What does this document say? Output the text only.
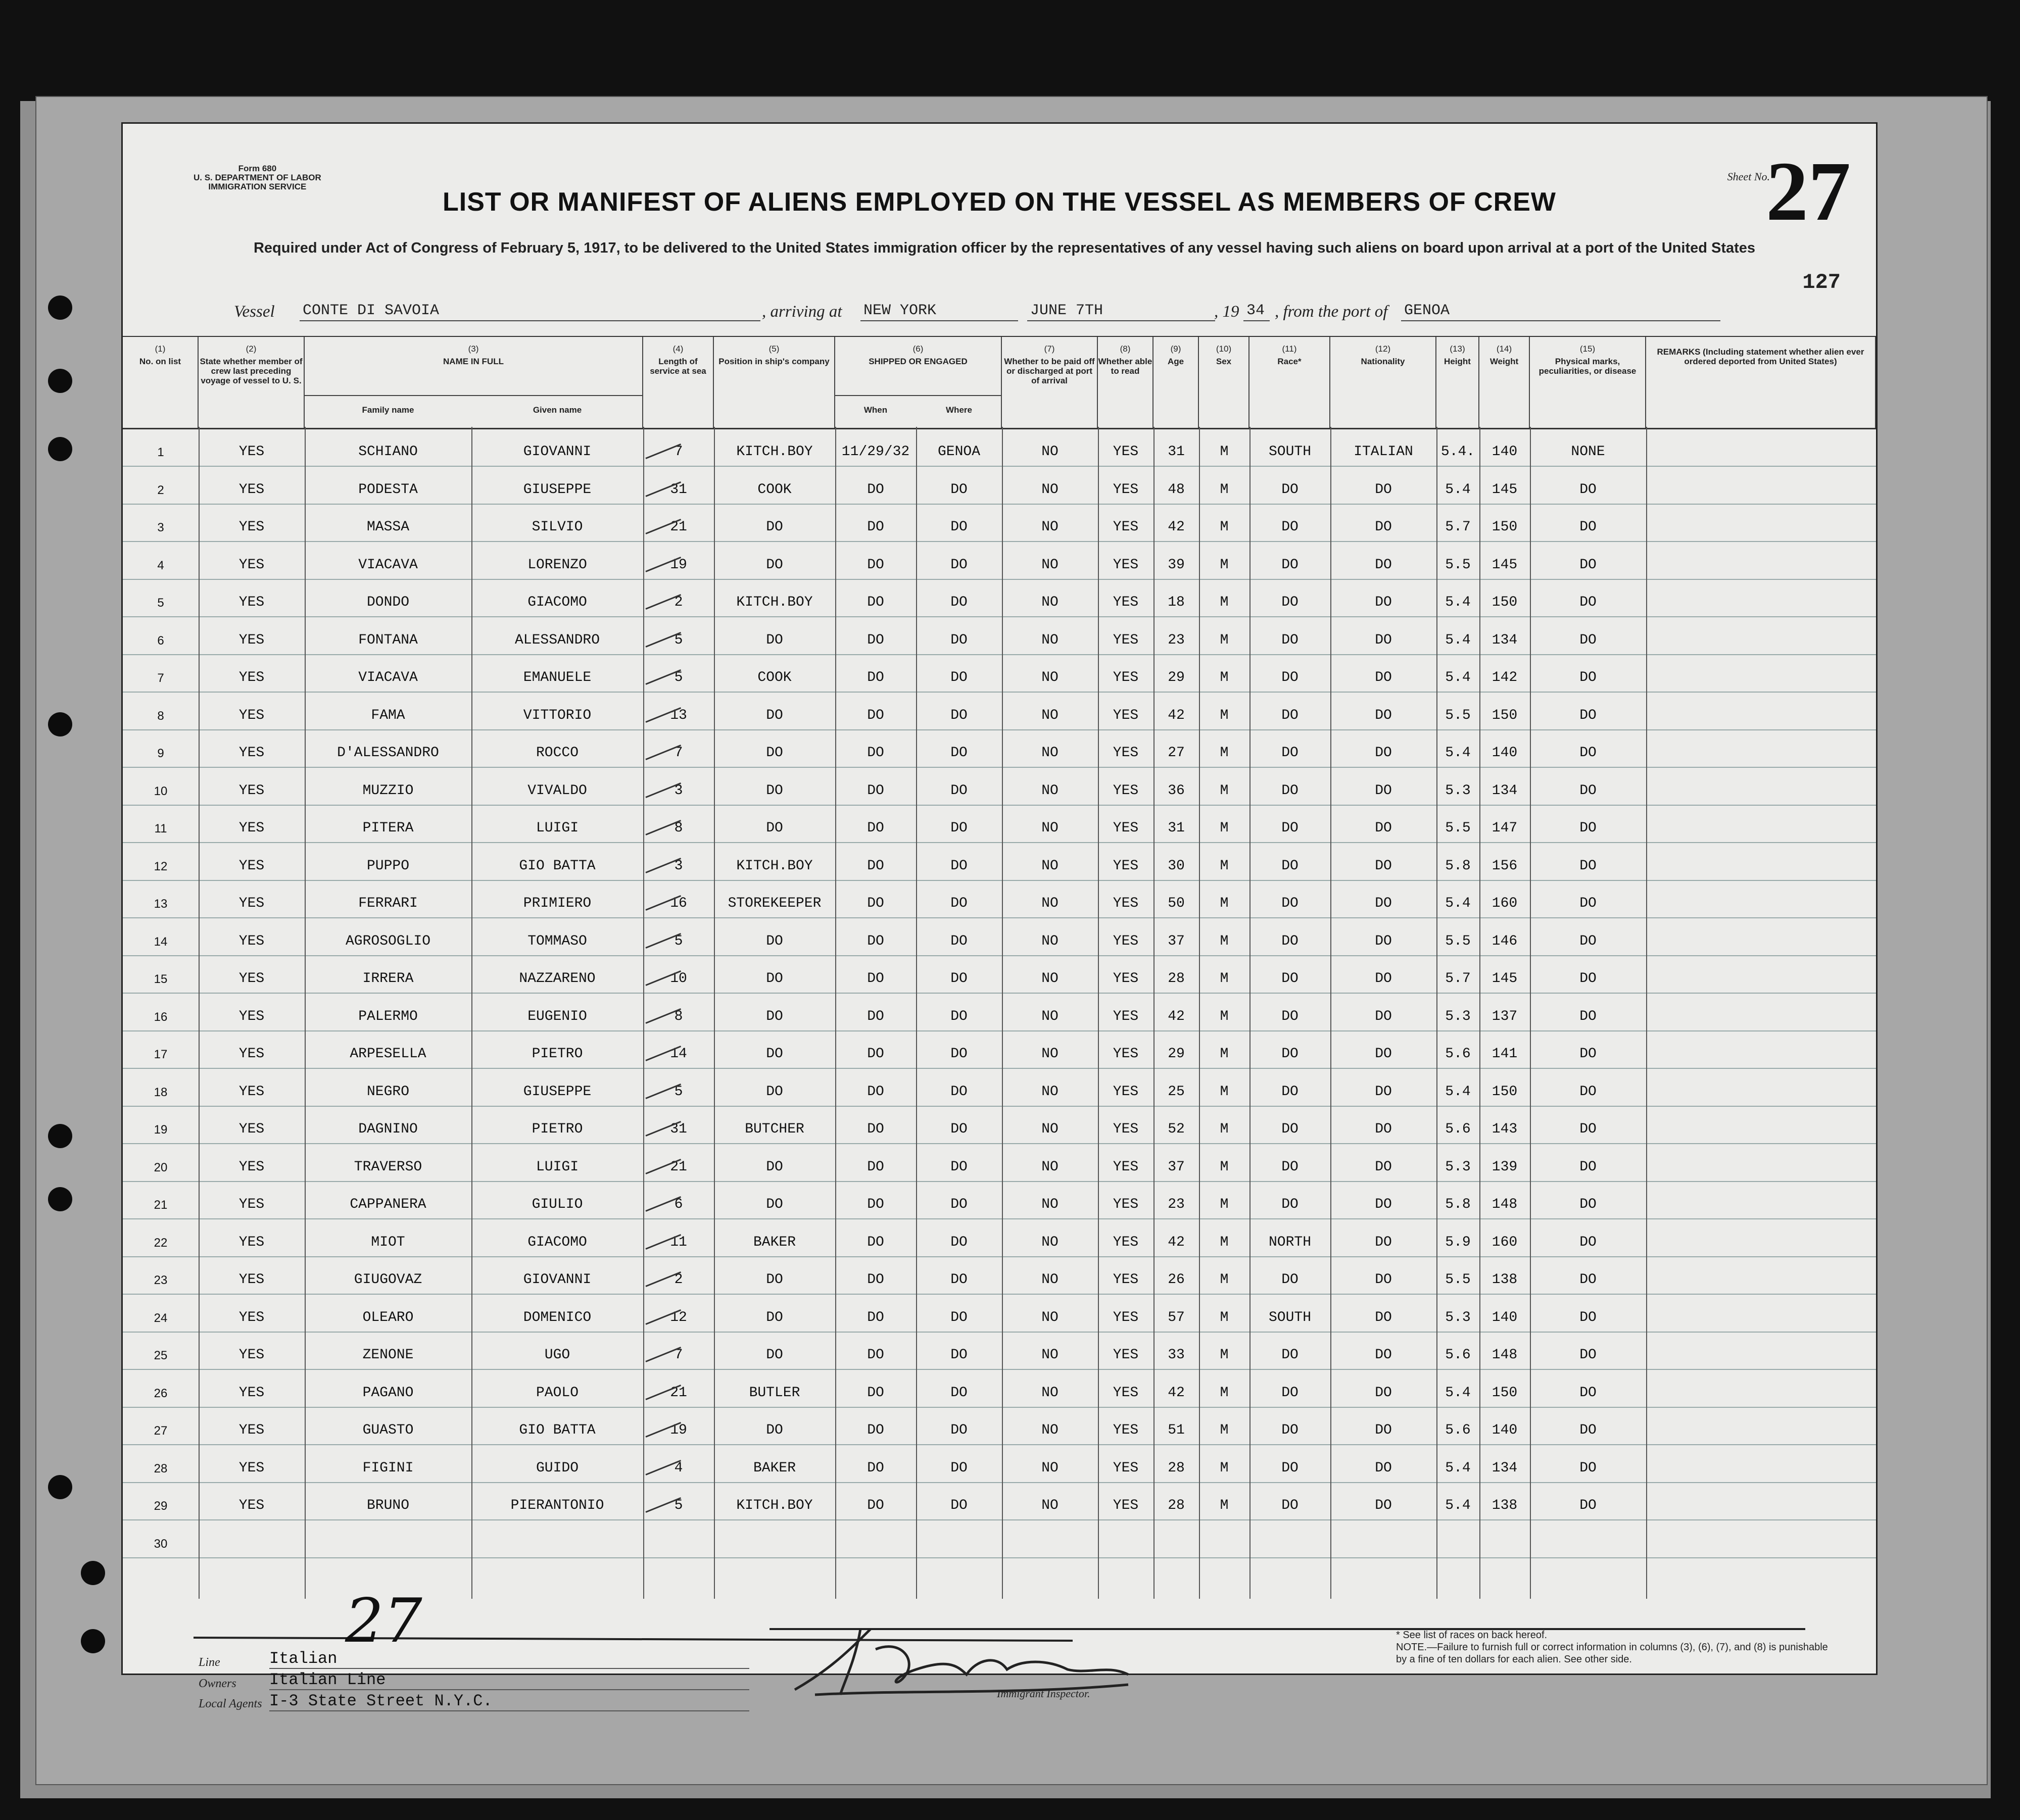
Form 680
U. S. DEPARTMENT OF LABOR
IMMIGRATION SERVICE
Sheet No.
27
127
LIST OR MANIFEST OF ALIENS EMPLOYED ON THE VESSEL AS MEMBERS OF CREW
Required under Act of Congress of February 5, 1917, to be delivered to the United States immigration officer by the representatives of any vessel having such aliens on board upon arrival at a port of the United States
Vessel CONTE DI SAVOIA	, arriving at NEW YORK	JUNE 7TH	, 19 34 , from the port of GENOA
(1)
No. on list
(2)
State whether member of crew last preceding voyage of vessel to U. S.
(3)
NAME IN FULL
(4)
Length of service at sea
(5)
Position in ship's company
(6)
SHIPPED OR ENGAGED
(7)
Whether to be paid off or discharged at port of arrival
(8)
Whether able to read
(9)
Age
(10)
Sex
(11)
Race*
(12)
Nationality
(13)
Height
(14)
Weight
(15)
Physical marks, peculiarities, or disease
REMARKS (Including statement whether alien ever ordered deported from United States)
Family name	Given name	When	Where
1	YES	SCHIANO	GIOVANNI	7	KITCH.BOY	11/29/32	GENOA	NO	YES	31	M	SOUTH	ITALIAN	5.4.	140	NONE
2	YES	PODESTA	GIUSEPPE	31	COOK	DO	DO	NO	YES	48	M	DO	DO	5.4	145	DO
3	YES	MASSA	SILVIO	21	DO	DO	DO	NO	YES	42	M	DO	DO	5.7	150	DO
4	YES	VIACAVA	LORENZO	19	DO	DO	DO	NO	YES	39	M	DO	DO	5.5	145	DO
5	YES	DONDO	GIACOMO	2	KITCH.BOY	DO	DO	NO	YES	18	M	DO	DO	5.4	150	DO
6	YES	FONTANA	ALESSANDRO	5	DO	DO	DO	NO	YES	23	M	DO	DO	5.4	134	DO
7	YES	VIACAVA	EMANUELE	5	COOK	DO	DO	NO	YES	29	M	DO	DO	5.4	142	DO
8	YES	FAMA	VITTORIO	13	DO	DO	DO	NO	YES	42	M	DO	DO	5.5	150	DO
9	YES	D'ALESSANDRO	ROCCO	7	DO	DO	DO	NO	YES	27	M	DO	DO	5.4	140	DO
10	YES	MUZZIO	VIVALDO	3	DO	DO	DO	NO	YES	36	M	DO	DO	5.3	134	DO
11	YES	PITERA	LUIGI	8	DO	DO	DO	NO	YES	31	M	DO	DO	5.5	147	DO
12	YES	PUPPO	GIO BATTA	3	KITCH.BOY	DO	DO	NO	YES	30	M	DO	DO	5.8	156	DO
13	YES	FERRARI	PRIMIERO	16	STOREKEEPER	DO	DO	NO	YES	50	M	DO	DO	5.4	160	DO
14	YES	AGROSOGLIO	TOMMASO	5	DO	DO	DO	NO	YES	37	M	DO	DO	5.5	146	DO
15	YES	IRRERA	NAZZARENO	10	DO	DO	DO	NO	YES	28	M	DO	DO	5.7	145	DO
16	YES	PALERMO	EUGENIO	8	DO	DO	DO	NO	YES	42	M	DO	DO	5.3	137	DO
17	YES	ARPESELLA	PIETRO	14	DO	DO	DO	NO	YES	29	M	DO	DO	5.6	141	DO
18	YES	NEGRO	GIUSEPPE	5	DO	DO	DO	NO	YES	25	M	DO	DO	5.4	150	DO
19	YES	DAGNINO	PIETRO	31	BUTCHER	DO	DO	NO	YES	52	M	DO	DO	5.6	143	DO
20	YES	TRAVERSO	LUIGI	21	DO	DO	DO	NO	YES	37	M	DO	DO	5.3	139	DO
21	YES	CAPPANERA	GIULIO	6	DO	DO	DO	NO	YES	23	M	DO	DO	5.8	148	DO
22	YES	MIOT	GIACOMO	11	BAKER	DO	DO	NO	YES	42	M	NORTH	DO	5.9	160	DO
23	YES	GIUGOVAZ	GIOVANNI	2	DO	DO	DO	NO	YES	26	M	DO	DO	5.5	138	DO
24	YES	OLEARO	DOMENICO	12	DO	DO	DO	NO	YES	57	M	SOUTH	DO	5.3	140	DO
25	YES	ZENONE	UGO	7	DO	DO	DO	NO	YES	33	M	DO	DO	5.6	148	DO
26	YES	PAGANO	PAOLO	21	BUTLER	DO	DO	NO	YES	42	M	DO	DO	5.4	150	DO
27	YES	GUASTO	GIO BATTA	19	DO	DO	DO	NO	YES	51	M	DO	DO	5.6	140	DO
28	YES	FIGINI	GUIDO	4	BAKER	DO	DO	NO	YES	28	M	DO	DO	5.4	134	DO
29	YES	BRUNO	PIERANTONIO	5	KITCH.BOY	DO	DO	NO	YES	28	M	DO	DO	5.4	138	DO
30
27
Line	Italian
Owners Italian Line
Local Agents I-3 State Street N.Y.C.	Immigrant Inspector.
* See list of races on back hereof.
NOTE.—Failure to furnish full or correct information in columns (3), (6), (7), and (8) is punishable by a fine of ten dollars for each alien. See other side.
